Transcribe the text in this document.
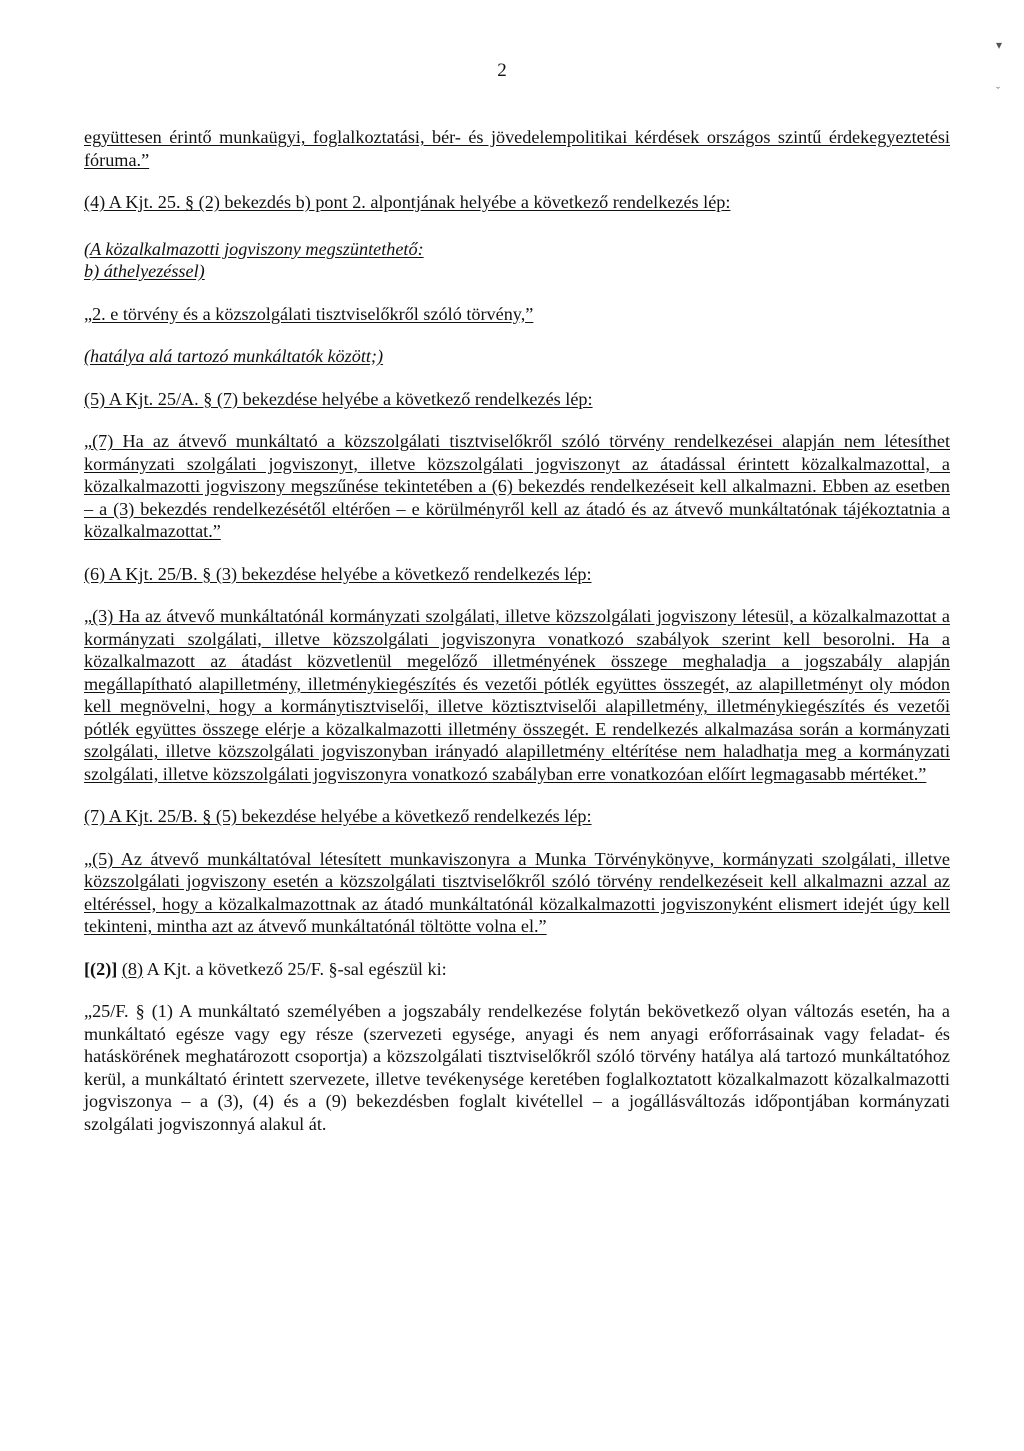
2
▾
ˇ

együttesen érintő munkaügyi, foglalkoztatási, bér- és jövedelempolitikai kérdések országos szintű érdekegyeztetési fóruma.”

(4) A Kjt. 25. § (2) bekezdés b) pont 2. alpontjának helyébe a következő rendelkezés lép:

(A közalkalmazotti jogviszony megszüntethető:

b) áthelyezéssel)

„2. e törvény és a közszolgálati tisztviselőkről szóló törvény,”

(hatálya alá tartozó munkáltatók között;)

(5) A Kjt. 25/A. § (7) bekezdése helyébe a következő rendelkezés lép:

„(7) Ha az átvevő munkáltató a közszolgálati tisztviselőkről szóló törvény rendelkezései alapján nem létesíthet kormányzati szolgálati jogviszonyt, illetve közszolgálati jogviszonyt az átadással érintett közalkalmazottal, a közalkalmazotti jogviszony megszűnése tekintetében a (6) bekezdés rendelkezéseit kell alkalmazni. Ebben az esetben – a (3) bekezdés rendelkezésétől eltérően – e körülményről kell az átadó és az átvevő munkáltatónak tájékoztatnia a közalkalmazottat.”

(6) A Kjt. 25/B. § (3) bekezdése helyébe a következő rendelkezés lép:

„(3) Ha az átvevő munkáltatónál kormányzati szolgálati, illetve közszolgálati jogviszony létesül, a közalkalmazottat a kormányzati szolgálati, illetve közszolgálati jogviszonyra vonatkozó szabályok szerint kell besorolni. Ha a közalkalmazott az átadást közvetlenül megelőző illetményének összege meghaladja a jogszabály alapján megállapítható alapilletmény, illetménykiegészítés és vezetői pótlék együttes összegét, az alapilletményt oly módon kell megnövelni, hogy a kormánytisztviselői, illetve köztisztviselői alapilletmény, illetménykiegészítés és vezetői pótlék együttes összege elérje a közalkalmazotti illetmény összegét. E rendelkezés alkalmazása során a kormányzati szolgálati, illetve közszolgálati jogviszonyban irányadó alapilletmény eltérítése nem haladhatja meg a kormányzati szolgálati, illetve közszolgálati jogviszonyra vonatkozó szabályban erre vonatkozóan előírt legmagasabb mértéket.”

(7) A Kjt. 25/B. § (5) bekezdése helyébe a következő rendelkezés lép:

„(5) Az átvevő munkáltatóval létesített munkaviszonyra a Munka Törvénykönyve, kormányzati szolgálati, illetve közszolgálati jogviszony esetén a közszolgálati tisztviselőkről szóló törvény rendelkezéseit kell alkalmazni azzal az eltéréssel, hogy a közalkalmazottnak az átadó munkáltatónál közalkalmazotti jogviszonyként elismert idejét úgy kell tekinteni, mintha azt az átvevő munkáltatónál töltötte volna el.”

[(2)] (8) A Kjt. a következő 25/F. §-sal egészül ki:

„25/F. § (1) A munkáltató személyében a jogszabály rendelkezése folytán bekövetkező olyan változás esetén, ha a munkáltató egésze vagy egy része (szervezeti egysége, anyagi és nem anyagi erőforrásainak vagy feladat- és hatáskörének meghatározott csoportja) a közszolgálati tisztviselőkről szóló törvény hatálya alá tartozó munkáltatóhoz kerül, a munkáltató érintett szervezete, illetve tevékenysége keretében foglalkoztatott közalkalmazott közalkalmazotti jogviszonya – a (3), (4) és a (9) bekezdésben foglalt kivétellel – a jogállásváltozás időpontjában kormányzati szolgálati jogviszonnyá alakul át.
